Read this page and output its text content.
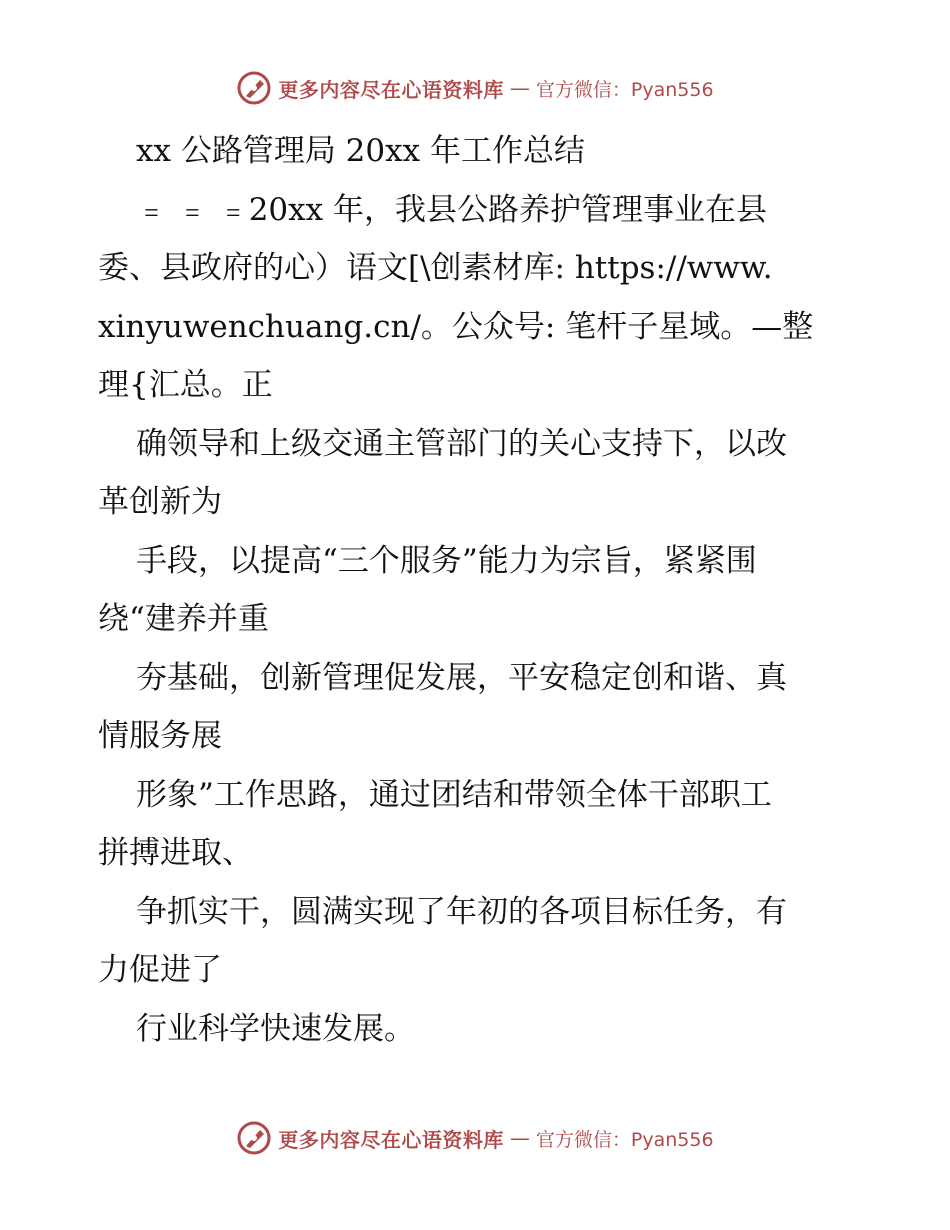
更多内容尽在心语资料库 — 官方微信：Pyan556
xx 公路管理局 20xx 年工作总结
﹦ ﹦ ﹦20xx 年，我县公路养护管理事业在县
委、县政府的心）语文[\创素材库: https://www.
xinyuwenchuang.cn/。公众号: 笔杆子星域。—整
理{汇总。正
确领导和上级交通主管部门的关心支持下，以改
革创新为
手段，以提高“三个服务”能力为宗旨，紧紧围
绕“建养并重
夯基础，创新管理促发展，平安稳定创和谐、真
情服务展
形象”工作思路，通过团结和带领全体干部职工
拼搏进取、
争抓实干，圆满实现了年初的各项目标任务，有
力促进了
行业科学快速发展。
更多内容尽在心语资料库 — 官方微信：Pyan556
